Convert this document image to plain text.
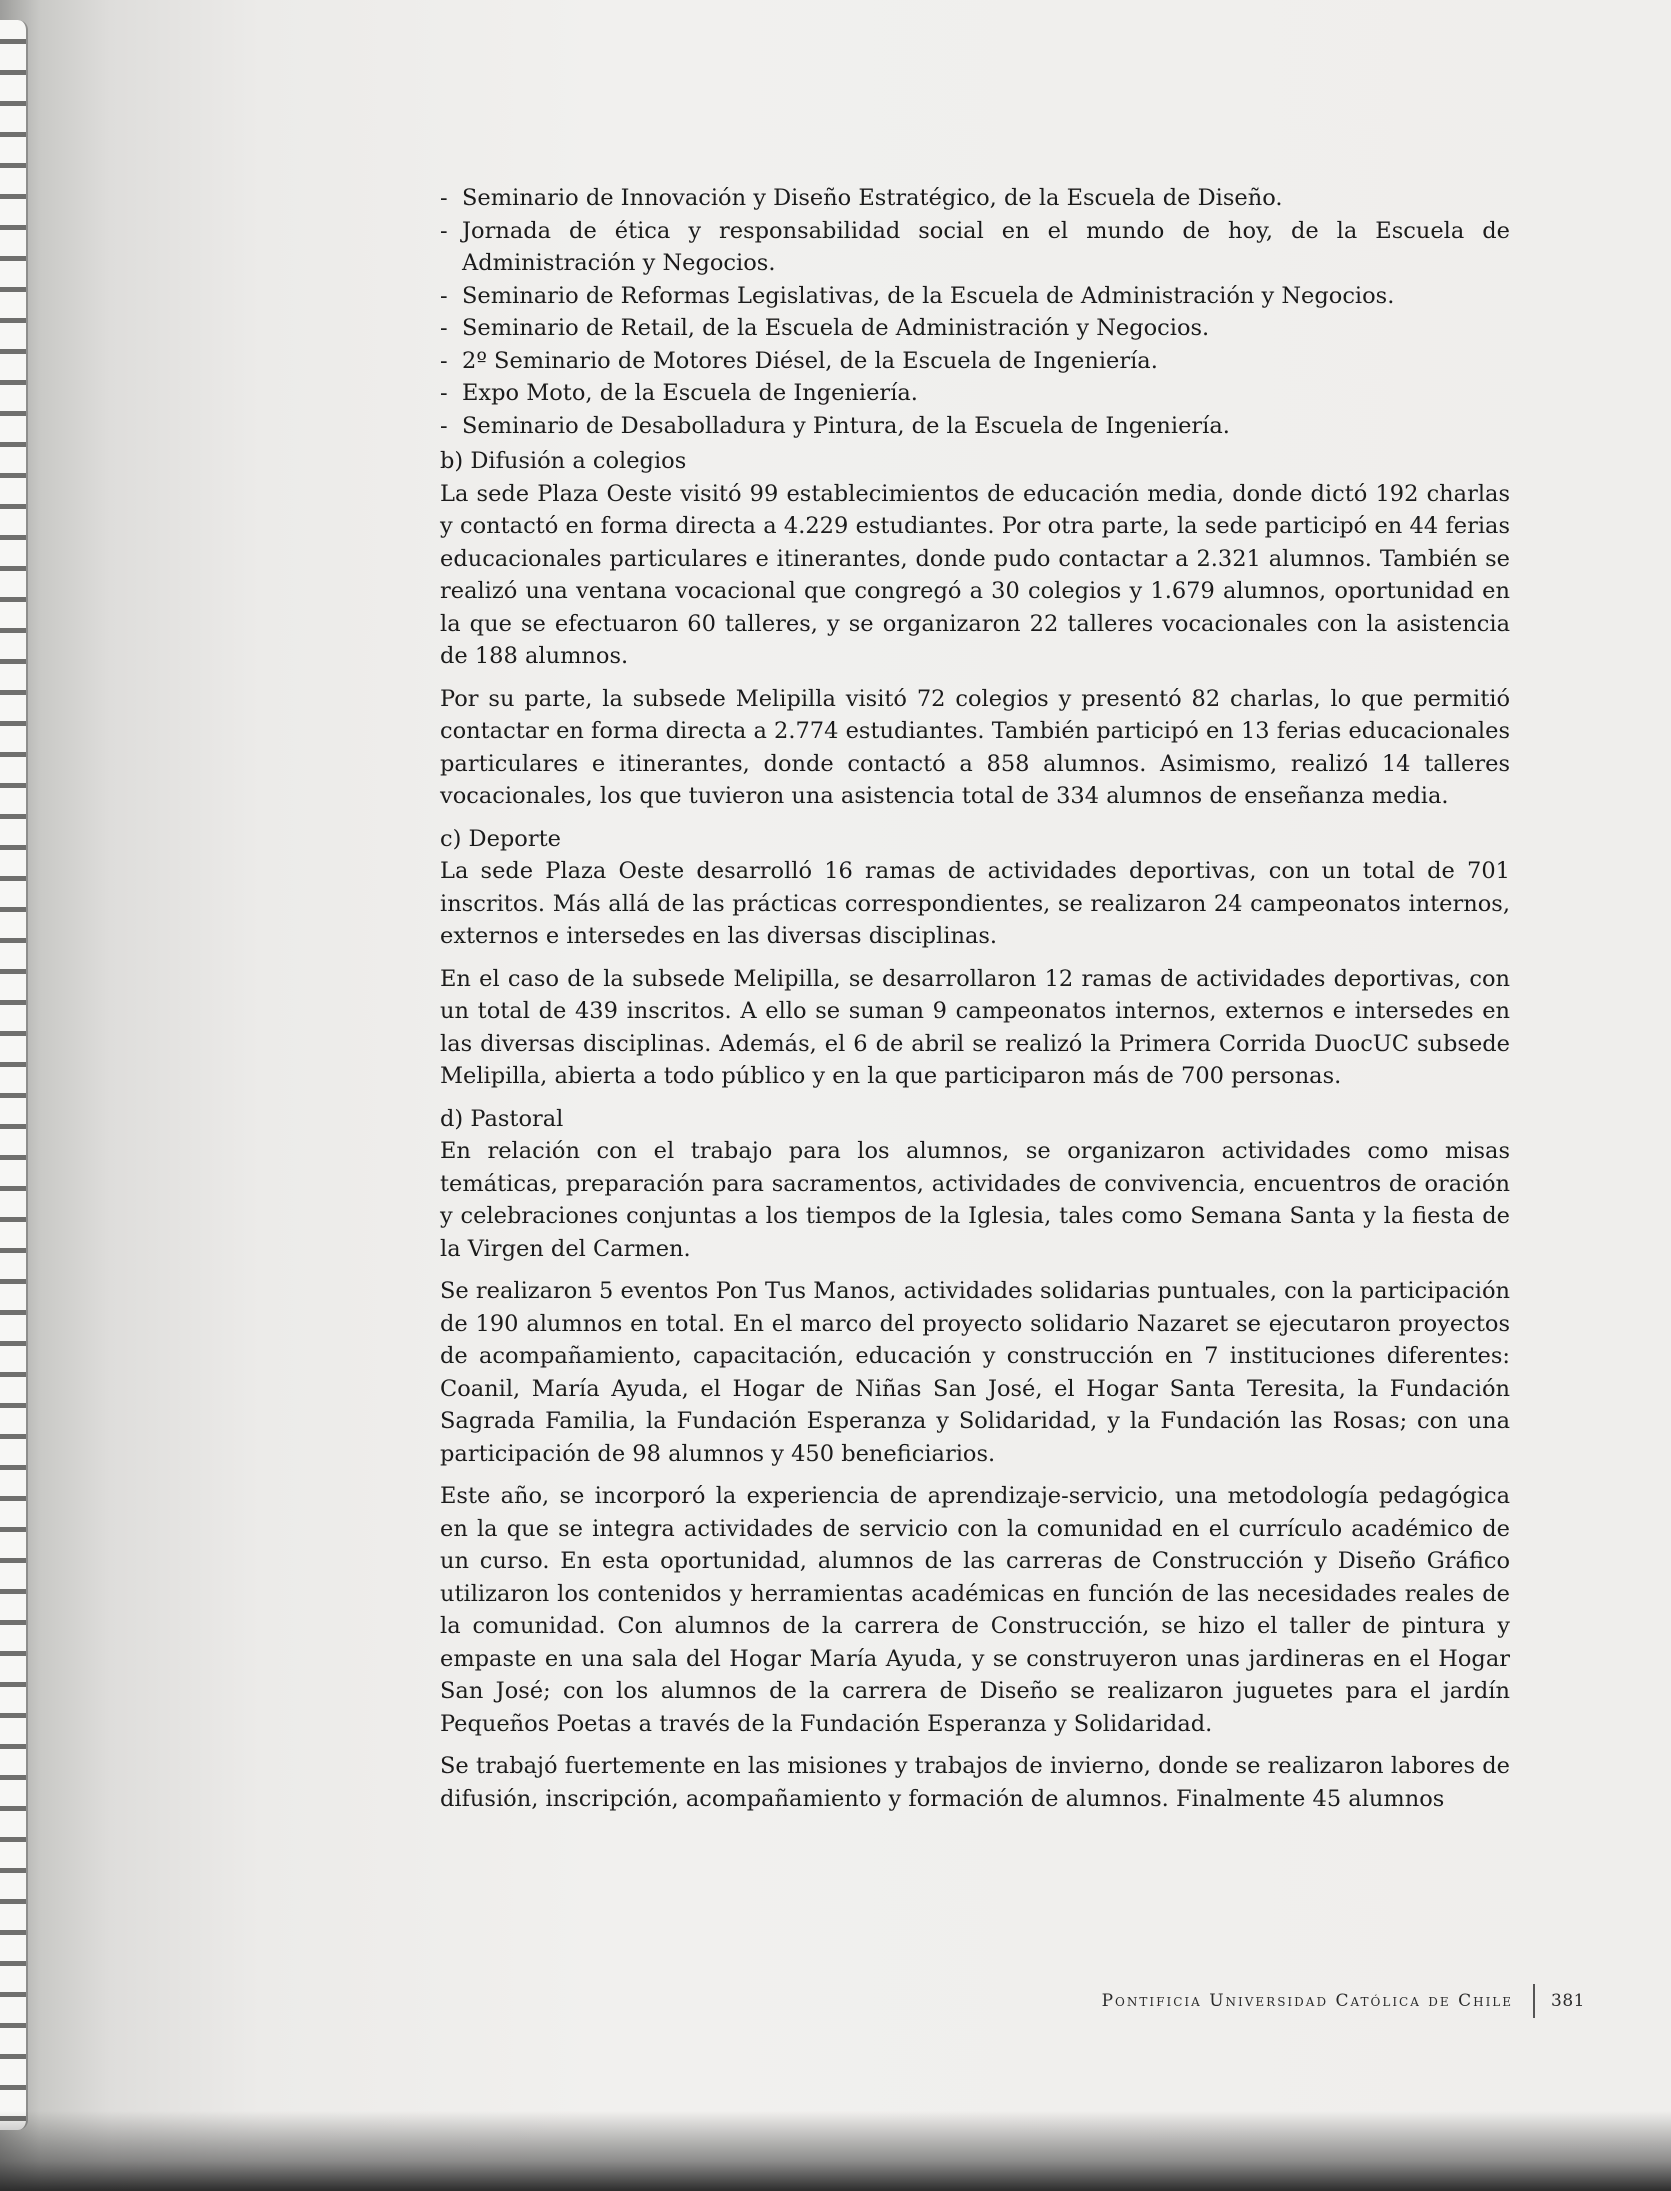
- Seminario de Innovación y Diseño Estratégico, de la Escuela de Diseño.
- Jornada de ética y responsabilidad social en el mundo de hoy, de la Escuela de Administración y Negocios.
- Seminario de Reformas Legislativas, de la Escuela de Administración y Negocios.
- Seminario de Retail, de la Escuela de Administración y Negocios.
- 2º Seminario de Motores Diésel, de la Escuela de Ingeniería.
- Expo Moto, de la Escuela de Ingeniería.
- Seminario de Desabolladura y Pintura, de la Escuela de Ingeniería.
b) Difusión a colegios

La sede Plaza Oeste visitó 99 establecimientos de educación media, donde dictó 192 charlas y contactó en forma directa a 4.229 estudiantes. Por otra parte, la sede participó en 44 ferias educacionales particulares e itinerantes, donde pudo contactar a 2.321 alumnos. También se realizó una ventana vocacional que congregó a 30 colegios y 1.679 alumnos, oportunidad en la que se efectuaron 60 talleres, y se organizaron 22 talleres vocacionales con la asistencia de 188 alumnos.

Por su parte, la subsede Melipilla visitó 72 colegios y presentó 82 charlas, lo que permitió contactar en forma directa a 2.774 estudiantes. También participó en 13 ferias educacionales particulares e itinerantes, donde contactó a 858 alumnos. Asimismo, realizó 14 talleres vocacionales, los que tuvieron una asistencia total de 334 alumnos de enseñanza media.

c) Deporte

La sede Plaza Oeste desarrolló 16 ramas de actividades deportivas, con un total de 701 inscritos. Más allá de las prácticas correspondientes, se realizaron 24 campeonatos internos, externos e intersedes en las diversas disciplinas.

En el caso de la subsede Melipilla, se desarrollaron 12 ramas de actividades deportivas, con un total de 439 inscritos. A ello se suman 9 campeonatos internos, externos e intersedes en las diversas disciplinas. Además, el 6 de abril se realizó la Primera Corrida DuocUC subsede Melipilla, abierta a todo público y en la que participaron más de 700 personas.

d) Pastoral

En relación con el trabajo para los alumnos, se organizaron actividades como misas temáticas, preparación para sacramentos, actividades de convivencia, encuentros de oración y celebraciones conjuntas a los tiempos de la Iglesia, tales como Semana Santa y la fiesta de la Virgen del Carmen.

Se realizaron 5 eventos Pon Tus Manos, actividades solidarias puntuales, con la participación de 190 alumnos en total. En el marco del proyecto solidario Nazaret se ejecutaron proyectos de acompañamiento, capacitación, educación y construcción en 7 instituciones diferentes: Coanil, María Ayuda, el Hogar de Niñas San José, el Hogar Santa Teresita, la Fundación Sagrada Familia, la Fundación Esperanza y Solidaridad, y la Fundación las Rosas; con una participación de 98 alumnos y 450 beneficiarios.

Este año, se incorporó la experiencia de aprendizaje-servicio, una metodología pedagógica en la que se integra actividades de servicio con la comunidad en el currículo académico de un curso. En esta oportunidad, alumnos de las carreras de Construcción y Diseño Gráfico utilizaron los contenidos y herramientas académicas en función de las necesidades reales de la comunidad. Con alumnos de la carrera de Construcción, se hizo el taller de pintura y empaste en una sala del Hogar María Ayuda, y se construyeron unas jardineras en el Hogar San José; con los alumnos de la carrera de Diseño se realizaron juguetes para el jardín Pequeños Poetas a través de la Fundación Esperanza y Solidaridad.

Se trabajó fuertemente en las misiones y trabajos de invierno, donde se realizaron labores de difusión, inscripción, acompañamiento y formación de alumnos. Finalmente 45 alumnos

Pontificia Universidad Católica de Chile 381
